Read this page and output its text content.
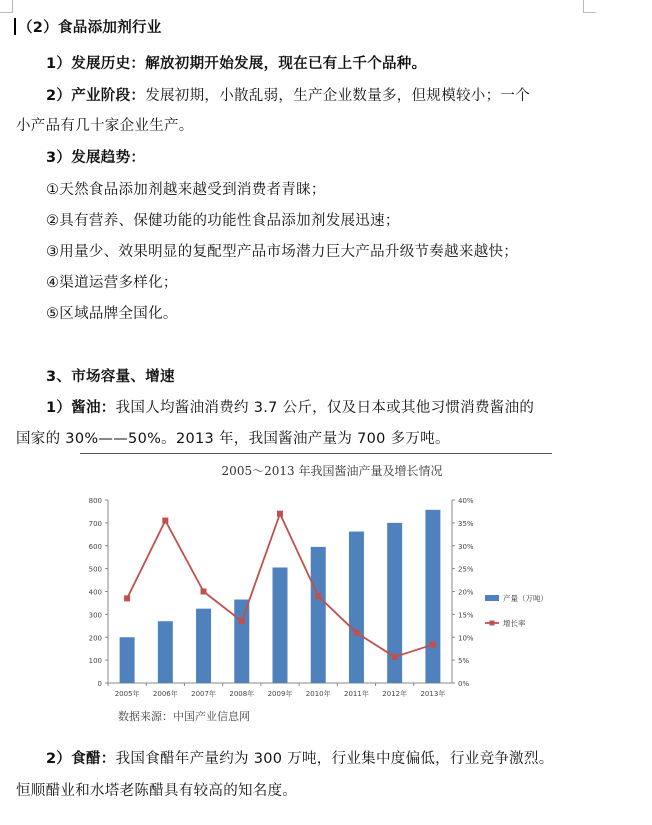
（2）食品添加剂行业
1）发展历史：解放初期开始发展，现在已有上千个品种。
2）产业阶段：发展初期，小散乱弱，生产企业数量多，但规模较小；一个
小产品有几十家企业生产。
3）发展趋势：
①天然食品添加剂越来越受到消费者青睐；
②具有营养、保健功能的功能性食品添加剂发展迅速；
③用量少、效果明显的复配型产品市场潜力巨大产品升级节奏越来越快；
④渠道运营多样化；
⑤区域品牌全国化。
3、市场容量、增速
1）酱油：我国人均酱油消费约 3.7 公斤，仅及日本或其他习惯消费酱油的
国家的 30%——50%。2013 年，我国酱油产量为 700 多万吨。
2005～2013 年我国酱油产量及增长情况
0
100
200
300
400
500
600
700
800
0%
5%
10%
15%
20%
25%
30%
35%
40%
2005年 2006年 2007年 2008年 2009年 2010年 2011年 2012年 2013年
产量（万吨）
增长率
数据来源：中国产业信息网
2）食醋：我国食醋年产量约为 300 万吨，行业集中度偏低，行业竞争激烈。
恒顺醋业和水塔老陈醋具有较高的知名度。
